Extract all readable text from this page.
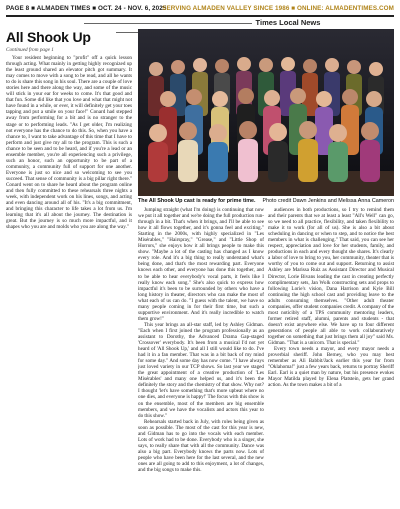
PAGE 8 ■ ALMADEN TIMES ■ OCT. 24 - NOV. 6, 2025
SERVING ALMADEN VALLEY SINCE 1986 ■ ONLINE: ALMADENTIMES.COM
Times Local News
All Shook Up
Continued from page 1

Your resident beginning to "profit" off a quick lesson through acting. What mainly in getting highly recognized up the least ground shared an elevator pitch got summary. It may comes to move with a song to be read, and all he wants to do is share this song in his soul. There are a couple of love stories here and there along the way, and some of the music will stick in your ear for weeks to come. It's that good and that fun. Some did like that you love and what that might not have found in a while, or ever, it will definitely get your toes tapping and put a smile on your face!" Conard had stepped away from performing for a bit and is no stranger to the stage or to performing leads. "As I get older, I'm realizing not everyone has the chance to do this. So, when you have a chance to, I want to take advantage of this time that I have to perform and just give my all to the program. This is such a chance to be seen and to be heard, and if you're a lead or an ensemble member, you're all experiencing such a privilege, such an honor, such an opportunity to be part of a community, a community full of support for one another. Everyone is just so nice and so welcoming to see you succeed. That sense of community is a big pillar right there." Conard went on to share he heard about the program online and then fully committed to these rehearsals three nights a week, with independent work on his lines, songs, and acting and even dancing around all of his. "It's a big commitment, and bringing this character to life takes a lot from us. I'm learning that it's all about the journey. The destination is great. But the journey is so much more impactful, and it shapes who you are and molds who you are along the way."

The All Shook Up cast is ready for prime time. Photo credit Dawn Jenkins and Melissa Anna Cameron

Jumping straight (what I'm doing) is continuing that now we put it all together and we're doing the full production run-through in a bit. That's when it brings, and I'll be able to see how it all flows together, and it's gonna feel and exciting." Starting in the 2000s, with highly specialized in "Les Misérables," "Hairspray," "Grease," and "Little Shop of Horrors," she enjoys how it all brings people to make this show. "Maybe a lot of the casting has changed as I know every role. And it's a big thing to really understand what's being done, and that's the most rewarding part. Everyone knows each other, and everyone has done this together, and to be able to hear everybody's vocal parts, it feels like I really know each song." She's also quick to express how impactful it's been to be surrounded by others who have a long history in theater, directors who can make the most of what each of us can do. "I guess with the talent, we have so many people coming in for their first time, but such a supportive environment. And it's really incredible to watch them grow!"

This year brings an all-star staff, led by Ashley Gidman. "Each when I first joined the program professionally as an assistant to Dorothy, the Advanced Drama Gap-staged 'Crossover' everybody. It's been from a musical I'd not yet heard of 'All Shook Up,' and all I still would like to do. I've had it in a fan member. That was in a bit back of my mind for some day." And some day has now come. "I have always just loved variety in our TCP shows. So last year we staged the great appointment of a creative production of 'Les Misérables' and many one helped us, and it's been the definitely the story and the chemistry of that show. Why not? I thought 'let's have something that's more upbeat where no one dies, and everyone is happy!' The focus with this show is on the ensemble, most of the members are big ensemble members, and we have the vocalists and actors this year to do this show."

Rehearsals started back in July, with roles being given as soon as possible. The most of the cast for this year is new, and Gidman has to go into the vocals with each member. Lots of work had to be done. Everybody who is a singer, she says, to really share that with all the community. Dance was also a big part. Everybody knows the parts now. Lots of people who have been here for the last several, and the new ones are all going to add to this enjoyment, a lot of changes, and the big songs to make this.

audiences in both productions, so I try to remind them and their parents that we at least a least "All's Well" can go, so we need to all practice, flexibility, and taken flexibility to make it to work (for all of us). She is also a bit about scheduling in dancing or when to step, and to notice the best members in what is challenging." That said, you can see her respect, appreciation and love for her students, family, and productions in each and every thought she shares. It's clearly a labor of love to bring to you, her community, theater that is worthy of you to come out and support. Returning to assist Ashley are Marissa Ruiz as Assistant Director and Musical Director, Lorie Bivans leading the cast in creating perfectly complimentary sets, Jan Wolk constructing sets and props to following Lorie's vision, Dana Harrison and Kyle Bill continuing the high school cast and providing leave to the adults consuming themselves. "Other adult theater companies, offer student companies credit. A company of the most noticibly of a TPS community mentoring leaders, former retired staff, alumni, parents and students - that doesn't exist anywhere else. We have up to four different generations of people all able to work collaboratively together on something that just brings them all joy" said Ms. Gidman. "That is a unicorn. That is special."

Every town needs a mayor, and every mayor needs a proverbial sheriff. John Berney, who you may best remember as Ali Babbit/Jack earlier this year for from "Oklahoma!" just a few years back, returns to portray Sheriff Earl. Earl is a quiet man by nature, but his presence evokes Mayor Matilda played by Elena Platstein, gets her grand action. As the town makes a bit of a
